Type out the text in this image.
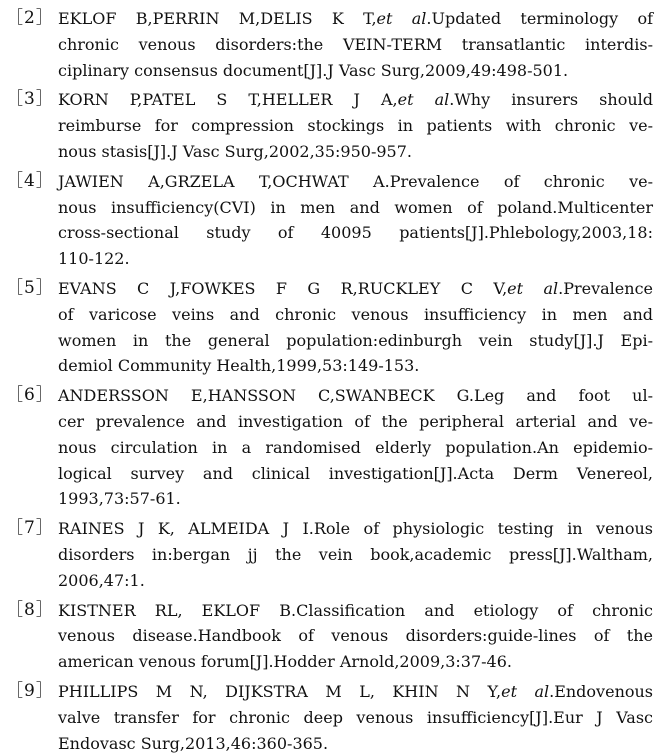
［2］ EKLOF B,PERRIN M,DELIS K T,et al.Updated terminology of
chronic venous disorders:the VEIN-TERM transatlantic interdis-
ciplinary consensus document[J].J Vasc Surg,2009,49:498-501.
［3］ KORN P,PATEL S T,HELLER J A,et al.Why insurers should
reimburse for compression stockings in patients with chronic ve-
nous stasis[J].J Vasc Surg,2002,35:950-957.
［4］ JAWIEN A,GRZELA T,OCHWAT A.Prevalence of chronic ve-
nous insufficiency(CVI) in men and women of poland.Multicenter
cross-sectional study of 40095 patients[J].Phlebology,2003,18:
110-122.
［5］ EVANS C J,FOWKES F G R,RUCKLEY C V,et al.Prevalence
of varicose veins and chronic venous insufficiency in men and
women in the general population:edinburgh vein study[J].J Epi-
demiol Community Health,1999,53:149-153.
［6］ ANDERSSON E,HANSSON C,SWANBECK G.Leg and foot ul-
cer prevalence and investigation of the peripheral arterial and ve-
nous circulation in a randomised elderly population.An epidemio-
logical survey and clinical investigation[J].Acta Derm Venereol,
1993,73:57-61.
［7］ RAINES J K, ALMEIDA J I.Role of physiologic testing in venous
disorders in:bergan jj the vein book,academic press[J].Waltham,
2006,47:1.
［8］ KISTNER RL, EKLOF B.Classification and etiology of chronic
venous disease.Handbook of venous disorders:guide-lines of the
american venous forum[J].Hodder Arnold,2009,3:37-46.
［9］ PHILLIPS M N, DIJKSTRA M L, KHIN N Y,et al.Endovenous
valve transfer for chronic deep venous insufficiency[J].Eur J Vasc
Endovasc Surg,2013,46:360-365.
